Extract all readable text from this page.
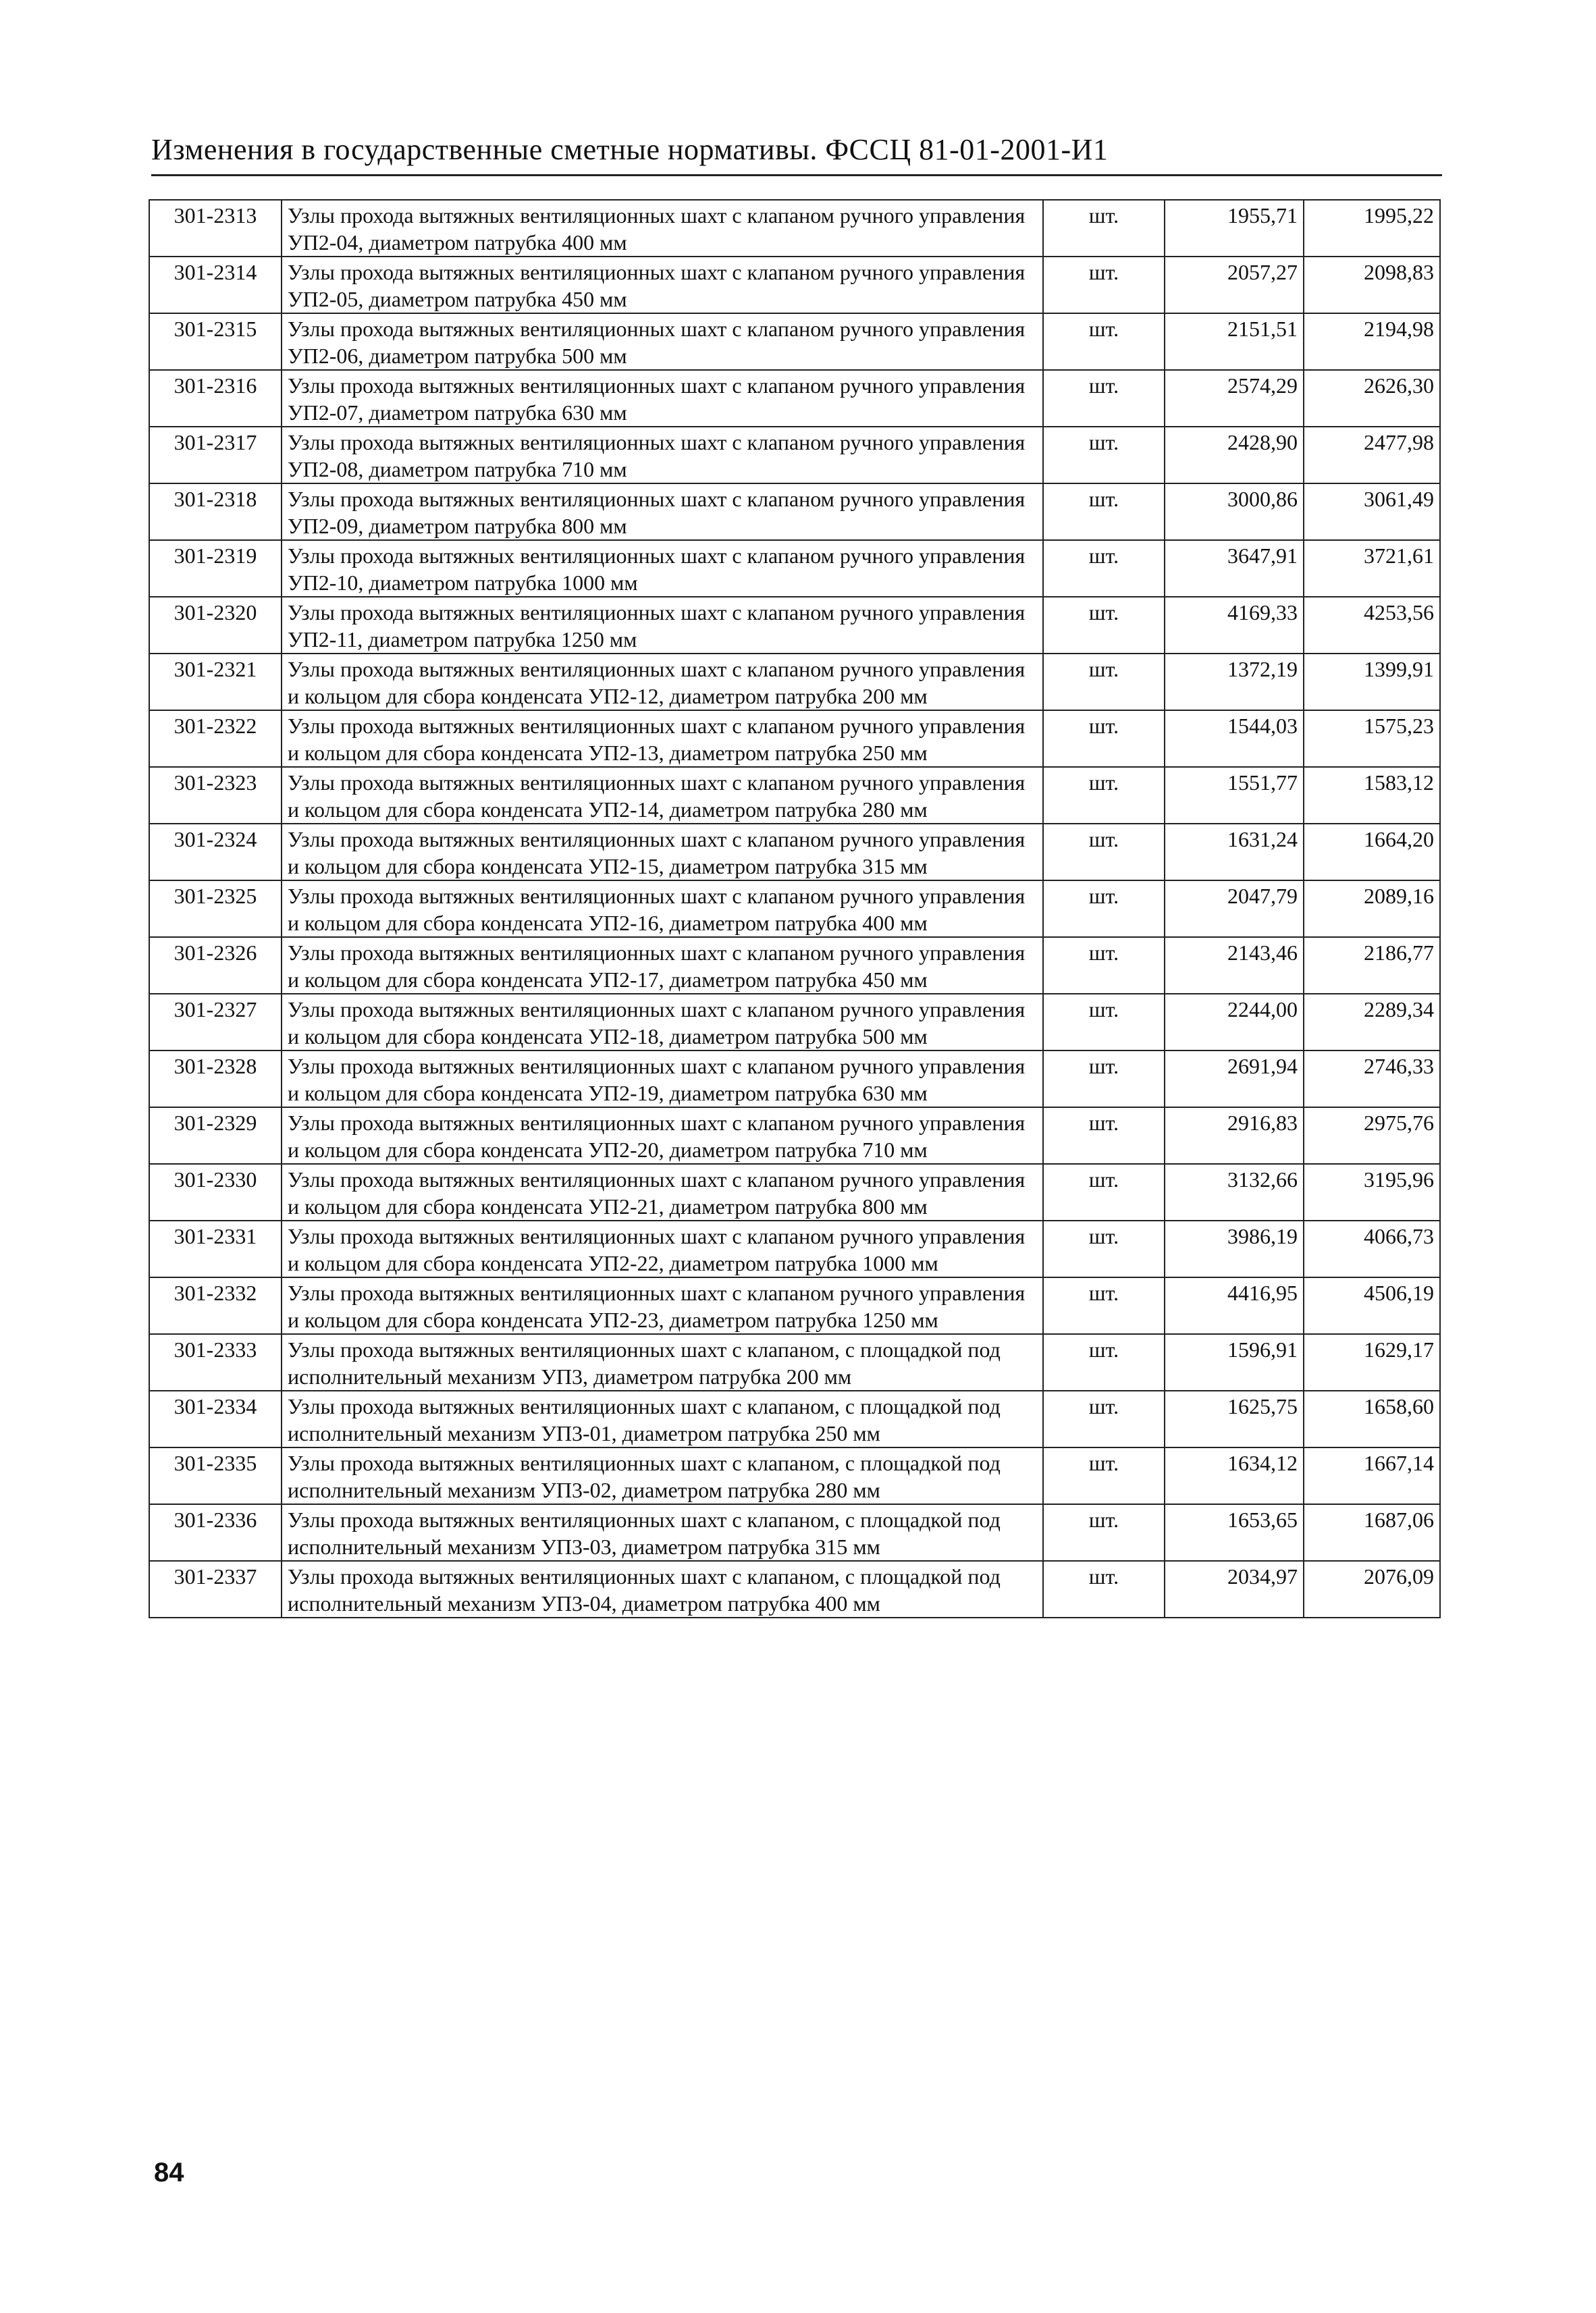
Изменения в государственные сметные нормативы. ФССЦ 81-01-2001-И1
301-2313	Узлы прохода вытяжных вентиляционных шахт с клапаном ручного управления УП2-04, диаметром патрубка 400 мм	шт.	1955,71	1995,22
301-2314	Узлы прохода вытяжных вентиляционных шахт с клапаном ручного управления УП2-05, диаметром патрубка 450 мм	шт.	2057,27	2098,83
301-2315	Узлы прохода вытяжных вентиляционных шахт с клапаном ручного управления УП2-06, диаметром патрубка 500 мм	шт.	2151,51	2194,98
301-2316	Узлы прохода вытяжных вентиляционных шахт с клапаном ручного управления УП2-07, диаметром патрубка 630 мм	шт.	2574,29	2626,30
301-2317	Узлы прохода вытяжных вентиляционных шахт с клапаном ручного управления УП2-08, диаметром патрубка 710 мм	шт.	2428,90	2477,98
301-2318	Узлы прохода вытяжных вентиляционных шахт с клапаном ручного управления УП2-09, диаметром патрубка 800 мм	шт.	3000,86	3061,49
301-2319	Узлы прохода вытяжных вентиляционных шахт с клапаном ручного управления УП2-10, диаметром патрубка 1000 мм	шт.	3647,91	3721,61
301-2320	Узлы прохода вытяжных вентиляционных шахт с клапаном ручного управления УП2-11, диаметром патрубка 1250 мм	шт.	4169,33	4253,56
301-2321	Узлы прохода вытяжных вентиляционных шахт с клапаном ручного управления и кольцом для сбора конденсата УП2-12, диаметром патрубка 200 мм	шт.	1372,19	1399,91
301-2322	Узлы прохода вытяжных вентиляционных шахт с клапаном ручного управления и кольцом для сбора конденсата УП2-13, диаметром патрубка 250 мм	шт.	1544,03	1575,23
301-2323	Узлы прохода вытяжных вентиляционных шахт с клапаном ручного управления и кольцом для сбора конденсата УП2-14, диаметром патрубка 280 мм	шт.	1551,77	1583,12
301-2324	Узлы прохода вытяжных вентиляционных шахт с клапаном ручного управления и кольцом для сбора конденсата УП2-15, диаметром патрубка 315 мм	шт.	1631,24	1664,20
301-2325	Узлы прохода вытяжных вентиляционных шахт с клапаном ручного управления и кольцом для сбора конденсата УП2-16, диаметром патрубка 400 мм	шт.	2047,79	2089,16
301-2326	Узлы прохода вытяжных вентиляционных шахт с клапаном ручного управления и кольцом для сбора конденсата УП2-17, диаметром патрубка 450 мм	шт.	2143,46	2186,77
301-2327	Узлы прохода вытяжных вентиляционных шахт с клапаном ручного управления и кольцом для сбора конденсата УП2-18, диаметром патрубка 500 мм	шт.	2244,00	2289,34
301-2328	Узлы прохода вытяжных вентиляционных шахт с клапаном ручного управления и кольцом для сбора конденсата УП2-19, диаметром патрубка 630 мм	шт.	2691,94	2746,33
301-2329	Узлы прохода вытяжных вентиляционных шахт с клапаном ручного управления и кольцом для сбора конденсата УП2-20, диаметром патрубка 710 мм	шт.	2916,83	2975,76
301-2330	Узлы прохода вытяжных вентиляционных шахт с клапаном ручного управления и кольцом для сбора конденсата УП2-21, диаметром патрубка 800 мм	шт.	3132,66	3195,96
301-2331	Узлы прохода вытяжных вентиляционных шахт с клапаном ручного управления и кольцом для сбора конденсата УП2-22, диаметром патрубка 1000 мм	шт.	3986,19	4066,73
301-2332	Узлы прохода вытяжных вентиляционных шахт с клапаном ручного управления и кольцом для сбора конденсата УП2-23, диаметром патрубка 1250 мм	шт.	4416,95	4506,19
301-2333	Узлы прохода вытяжных вентиляционных шахт с клапаном, с площадкой под исполнительный механизм УП3, диаметром патрубка 200 мм	шт.	1596,91	1629,17
301-2334	Узлы прохода вытяжных вентиляционных шахт с клапаном, с площадкой под исполнительный механизм УП3-01, диаметром патрубка 250 мм	шт.	1625,75	1658,60
301-2335	Узлы прохода вытяжных вентиляционных шахт с клапаном, с площадкой под исполнительный механизм УП3-02, диаметром патрубка 280 мм	шт.	1634,12	1667,14
301-2336	Узлы прохода вытяжных вентиляционных шахт с клапаном, с площадкой под исполнительный механизм УП3-03, диаметром патрубка 315 мм	шт.	1653,65	1687,06
301-2337	Узлы прохода вытяжных вентиляционных шахт с клапаном, с площадкой под исполнительный механизм УП3-04, диаметром патрубка 400 мм	шт.	2034,97	2076,09
84
